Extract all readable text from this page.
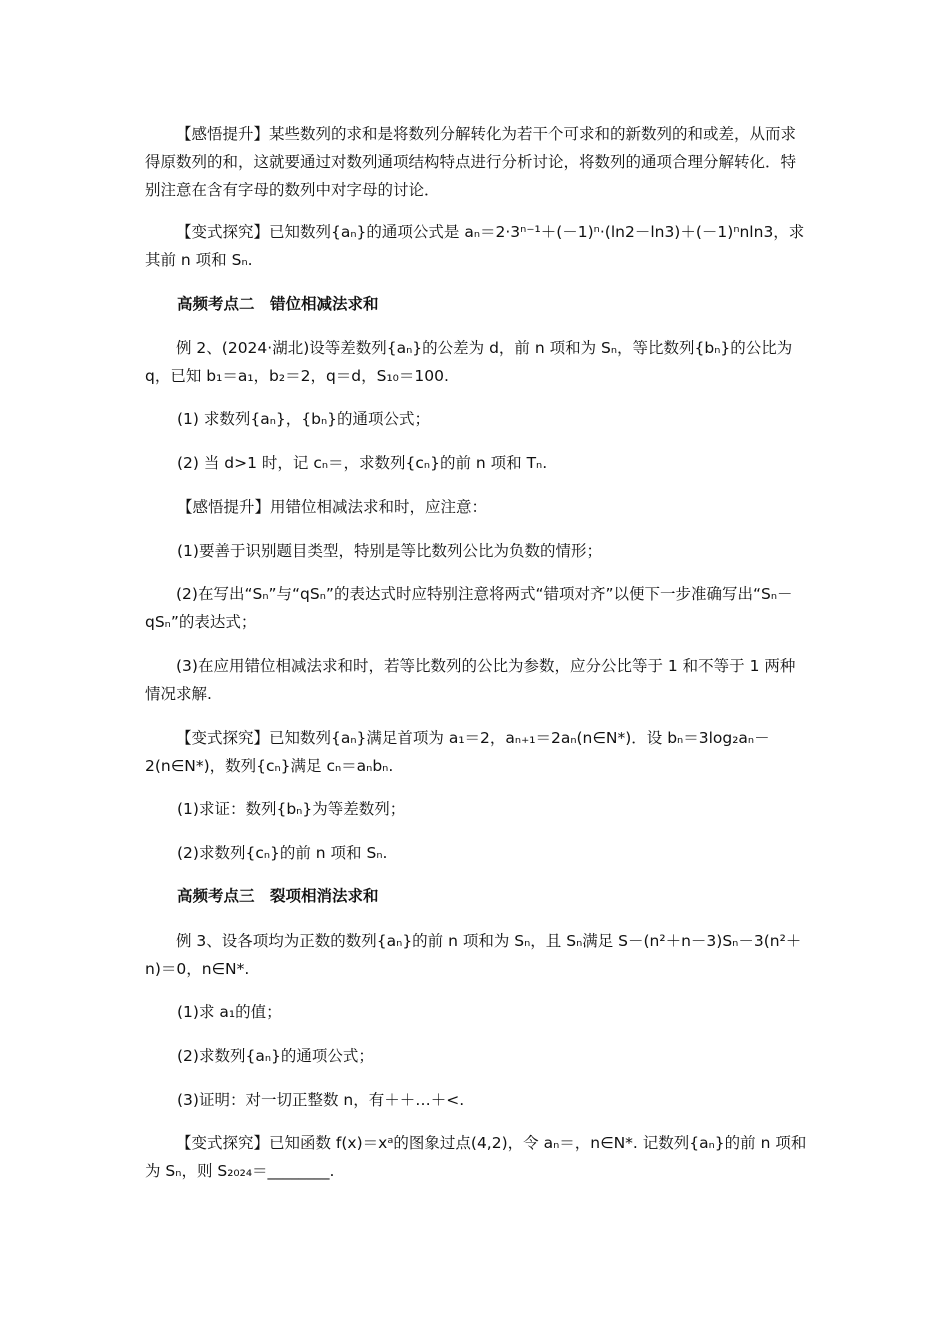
【感悟提升】某些数列的求和是将数列分解转化为若干个可求和的新数列的和或差，从而求得原数列的和，这就要通过对数列通项结构特点进行分析讨论，将数列的通项合理分解转化．特别注意在含有字母的数列中对字母的讨论．
【变式探究】已知数列{aₙ}的通项公式是 aₙ＝2·3ⁿ⁻¹＋(－1)ⁿ·(ln2－ln3)＋(－1)ⁿnln3，求其前 n 项和 Sₙ.
高频考点二　错位相减法求和
例 2、(2024·湖北)设等差数列{aₙ}的公差为 d，前 n 项和为 Sₙ，等比数列{bₙ}的公比为 q，已知 b₁＝a₁，b₂＝2，q＝d，S₁₀＝100.
(1) 求数列{aₙ}，{bₙ}的通项公式；
(2) 当 d>1 时，记 cₙ＝，求数列{cₙ}的前 n 项和 Tₙ.
【感悟提升】用错位相减法求和时，应注意：
(1)要善于识别题目类型，特别是等比数列公比为负数的情形；
(2)在写出“Sₙ”与“qSₙ”的表达式时应特别注意将两式“错项对齐”以便下一步准确写出“Sₙ－qSₙ”的表达式；
(3)在应用错位相减法求和时，若等比数列的公比为参数，应分公比等于 1 和不等于 1 两种情况求解.
【变式探究】已知数列{aₙ}满足首项为 a₁＝2，aₙ₊₁＝2aₙ(n∈N*)．设 bₙ＝3log₂aₙ－2(n∈N*)，数列{cₙ}满足 cₙ＝aₙbₙ.
(1)求证：数列{bₙ}为等差数列；
(2)求数列{cₙ}的前 n 项和 Sₙ.
高频考点三　裂项相消法求和
例 3、设各项均为正数的数列{aₙ}的前 n 项和为 Sₙ，且 Sₙ满足 S－(n²＋n－3)Sₙ－3(n²＋n)＝0，n∈N*.
(1)求 a₁的值；
(2)求数列{aₙ}的通项公式；
(3)证明：对一切正整数 n，有＋＋…＋<.
【变式探究】已知函数 f(x)＝xᵃ的图象过点(4,2)，令 aₙ＝，n∈N*. 记数列{aₙ}的前 n 项和为 Sₙ，则 S₂₀₂₄＝________.
